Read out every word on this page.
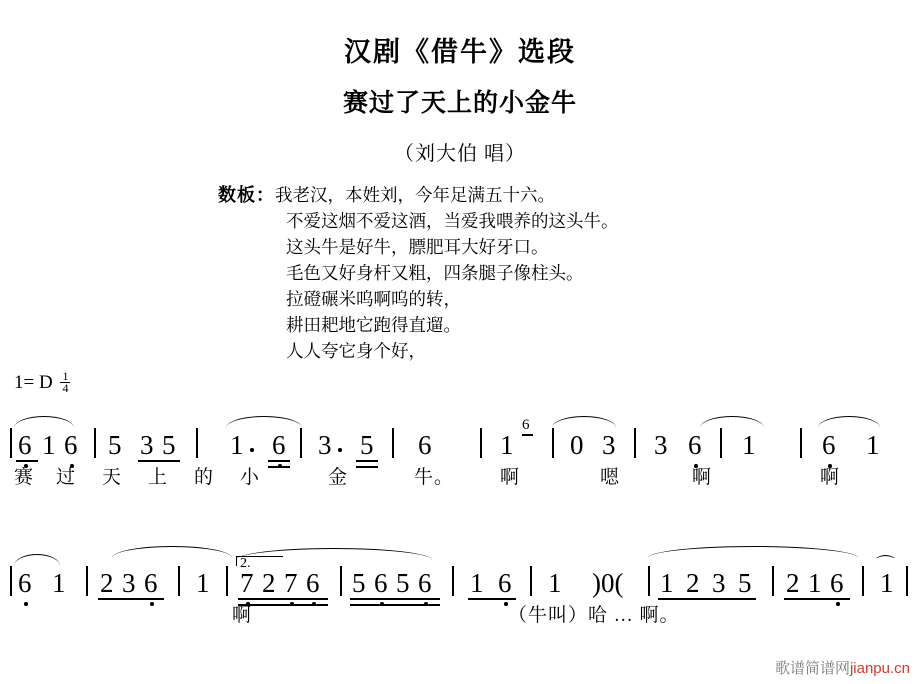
汉剧《借牛》选段
赛过了天上的小金牛
（刘大伯 唱）
数板：我老汉，本姓刘，今年足满五十六。
不爱这烟不爱这酒，当爱我喂养的这头牛。
这头牛是好牛，膘肥耳大好牙口。
毛色又好身杆又粗，四条腿子像柱头。
拉磴碾米呜啊呜的转，
耕田耙地它跑得直遛。
人人夸它身个好，
1= D $\frac{1}{4}$
6 1 6 5 3 5 1 6 3 5 6	1
6
0 3 3 6 1 6 1
赛 过 天 上 的 小	金	牛。 啊	嗯	啊	啊
6 1 2 3 6 1
2.
7 2 7 6 5 6 5 6 1 6 1 )0( 1 2 3 5 2 1 6
⌒
1
啊	（牛叫）哈 … 啊。
歌谱简谱网jianpu.cn
